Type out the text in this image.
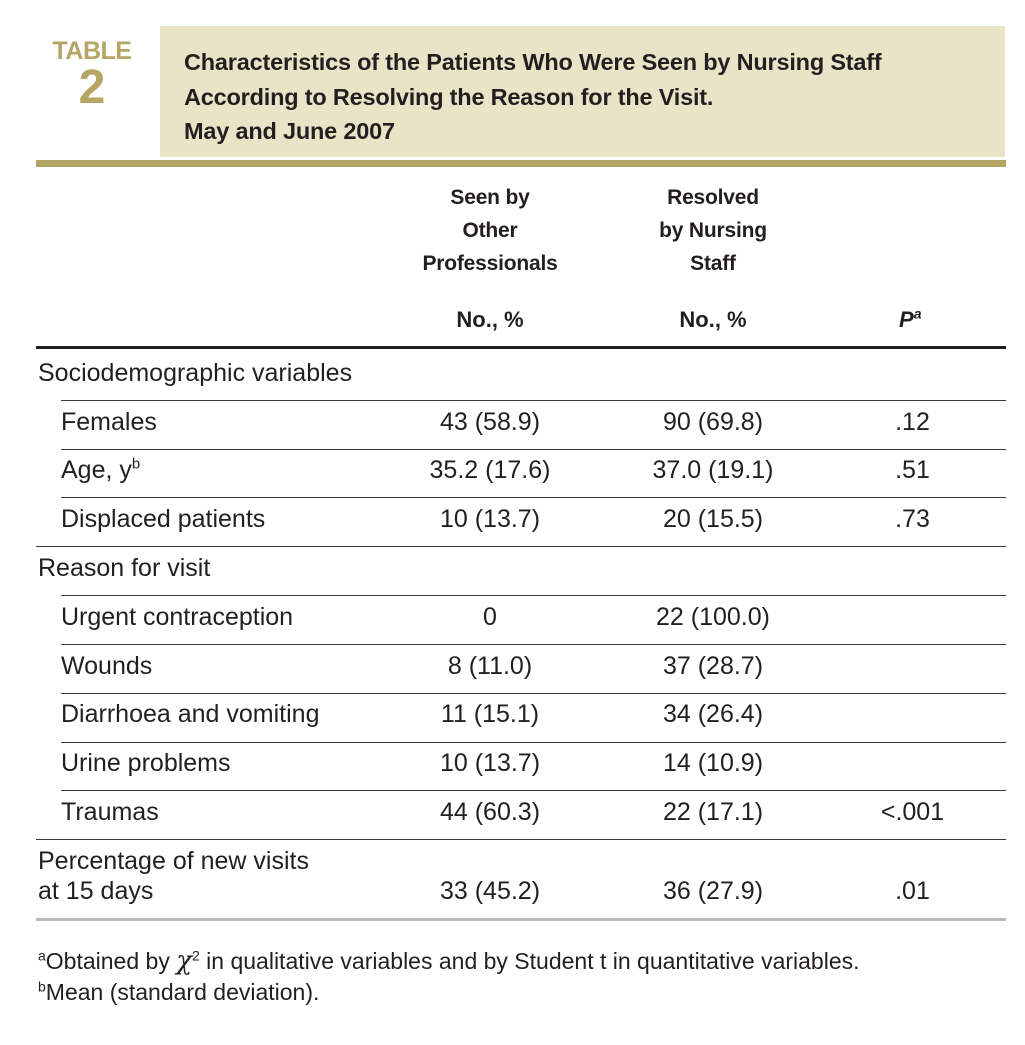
TABLE
2	Characteristics of the Patients Who Were Seen by Nursing Staff
According to Resolving the Reason for the Visit.
May and June 2007
Seen by
Other
Professionals
Resolved
by Nursing
Staff
No., %	No., %	$P^a$
Sociodemographic variables
Females	43 (58.9)	90 (69.8)	.12
Age, $y^b$	35.2 (17.6)	37.0 (19.1)	.51
Displaced patients	10 (13.7)	20 (15.5)	.73
Reason for visit
Urgent contraception	0	22 (100.0)
Wounds	8 (11.0)	37 (28.7)
Diarrhoea and vomiting	11 (15.1)	34 (26.4)
Urine problems	10 (13.7)	14 (10.9)
Traumas	44 (60.3)	22 (17.1)	<.001
Percentage of new visits
at 15 days	33 (45.2)	36 (27.9)	.01
$^a$Obtained by $\chi^2$ in qualitative variables and by Student t in quantitative variables.
$^b$Mean (standard deviation).
